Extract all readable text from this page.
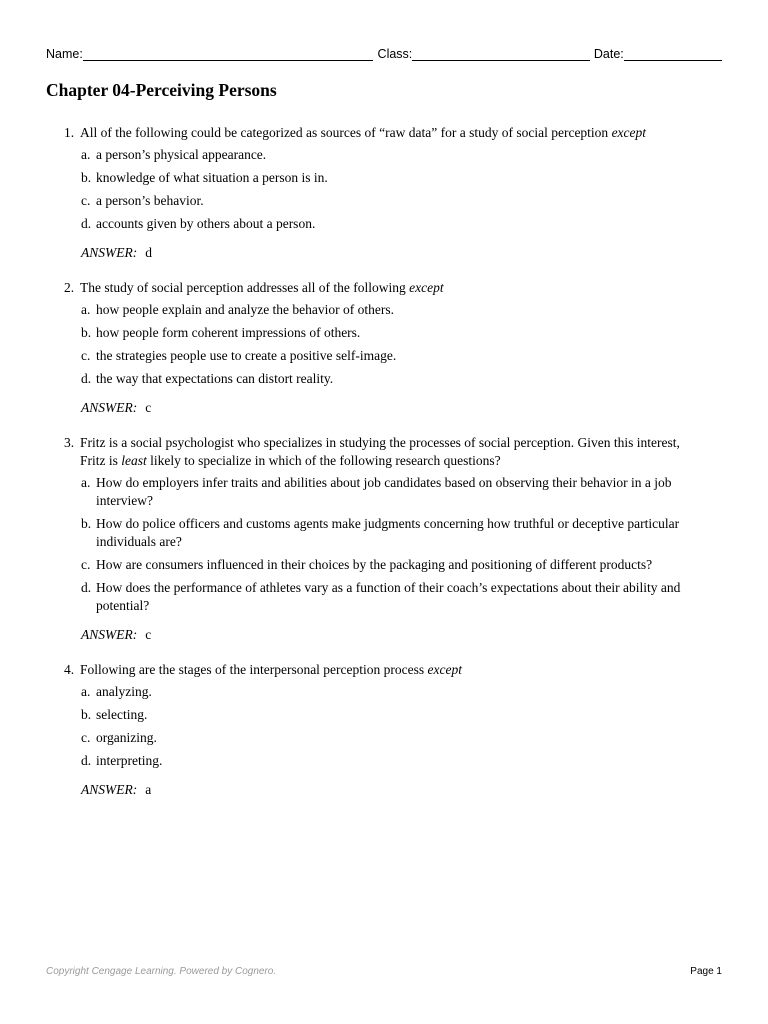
Name:	Class:	Date:
Chapter 04-Perceiving Persons
1. All of the following could be categorized as sources of “raw data” for a study of social perception except
a. a person’s physical appearance.
b. knowledge of what situation a person is in.
c. a person’s behavior.
d. accounts given by others about a person.
ANSWER: d
2. The study of social perception addresses all of the following except
a. how people explain and analyze the behavior of others.
b. how people form coherent impressions of others.
c. the strategies people use to create a positive self-image.
d. the way that expectations can distort reality.
ANSWER: c
3. Fritz is a social psychologist who specializes in studying the processes of social perception. Given this interest, Fritz is least likely to specialize in which of the following research questions?
a. How do employers infer traits and abilities about job candidates based on observing their behavior in a job interview?
b. How do police officers and customs agents make judgments concerning how truthful or deceptive particular individuals are?
c. How are consumers influenced in their choices by the packaging and positioning of different products?
d. How does the performance of athletes vary as a function of their coach’s expectations about their ability and potential?
ANSWER: c
4. Following are the stages of the interpersonal perception process except
a. analyzing.
b. selecting.
c. organizing.
d. interpreting.
ANSWER: a
Copyright Cengage Learning. Powered by Cognero.	Page 1
